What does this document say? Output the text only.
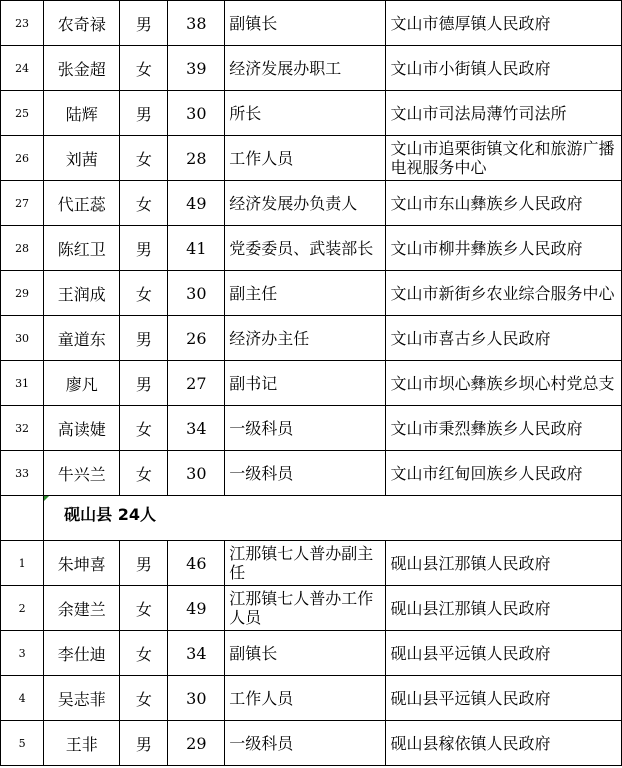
23	农奇禄	男	38	副镇长	文山市德厚镇人民政府
24	张金超	女	39	经济发展办职工	文山市小街镇人民政府
25	陆辉	男	30	所长	文山市司法局薄竹司法所
26	刘茜	女	28	工作人员	文山市追栗街镇文化和旅游广播电视服务中心
27	代正蕊	女	49	经济发展办负责人	文山市东山彝族乡人民政府
28	陈红卫	男	41	党委委员、武装部长	文山市柳井彝族乡人民政府
29	王润成	女	30	副主任	文山市新街乡农业综合服务中心
30	童道东	男	26	经济办主任	文山市喜古乡人民政府
31	廖凡	男	27	副书记	文山市坝心彝族乡坝心村党总支
32	高读婕	女	34	一级科员	文山市秉烈彝族乡人民政府
33	牛兴兰	女	30	一级科员	文山市红甸回族乡人民政府

砚山县 24人				
1	朱坤喜	男	46	江那镇七人普办副主任	砚山县江那镇人民政府
2	余建兰	女	49	江那镇七人普办工作人员	砚山县江那镇人民政府
3	李仕迪	女	34	副镇长	砚山县平远镇人民政府
4	吴志菲	女	30	工作人员	砚山县平远镇人民政府
5	王非	男	29	一级科员	砚山县稼依镇人民政府
